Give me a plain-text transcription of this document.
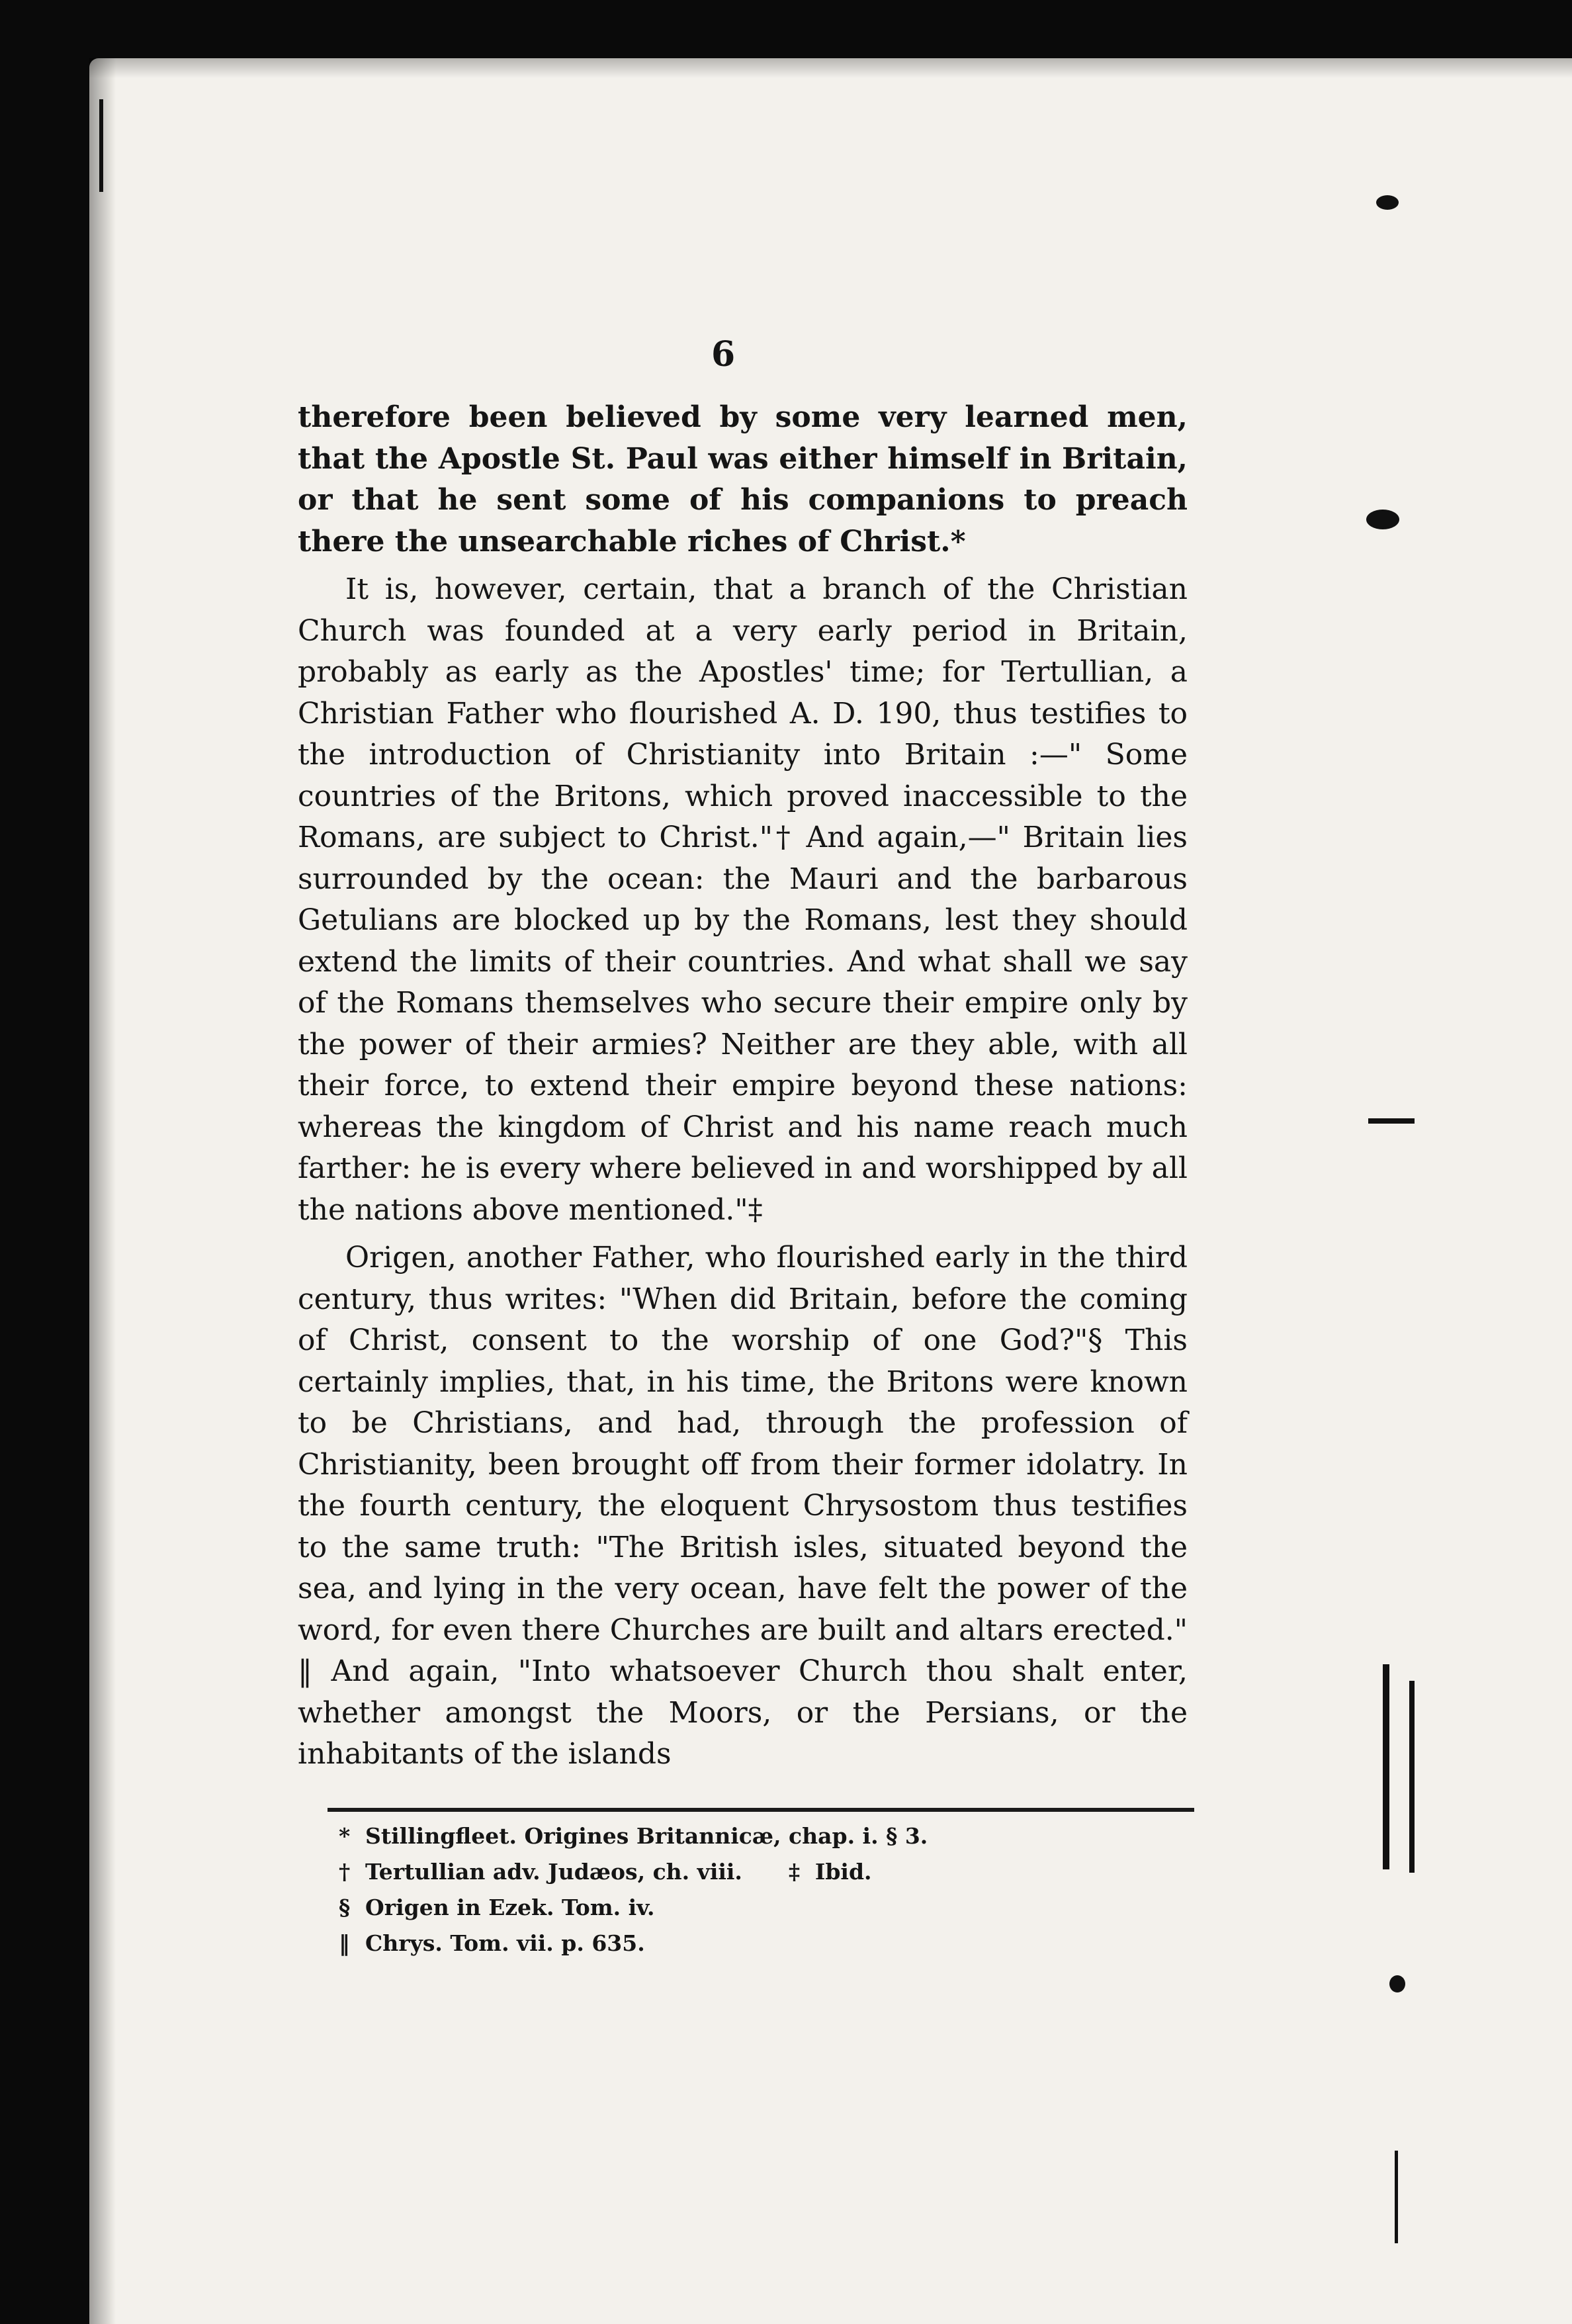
6

therefore been believed by some very learned men, that the Apostle St. Paul was either himself in Britain, or that he sent some of his companions to preach there the unsearchable riches of Christ.*

It is, however, certain, that a branch of the Christian Church was founded at a very early period in Britain, probably as early as the Apostles' time; for Tertullian, a Christian Father who flourished A. D. 190, thus testifies to the introduction of Christianity into Britain :—" Some countries of the Britons, which proved inaccessible to the Romans, are subject to Christ."† And again,—" Britain lies surrounded by the ocean: the Mauri and the barbarous Getulians are blocked up by the Romans, lest they should extend the limits of their countries. And what shall we say of the Romans themselves who secure their empire only by the power of their armies? Neither are they able, with all their force, to extend their empire beyond these nations: whereas the kingdom of Christ and his name reach much farther: he is every where believed in and worshipped by all the nations above mentioned."‡

Origen, another Father, who flourished early in the third century, thus writes: "When did Britain, before the coming of Christ, consent to the worship of one God?"§ This certainly implies, that, in his time, the Britons were known to be Christians, and had, through the profession of Christianity, been brought off from their former idolatry. In the fourth century, the eloquent Chrysostom thus testifies to the same truth: "The British isles, situated beyond the sea, and lying in the very ocean, have felt the power of the word, for even there Churches are built and altars erected." ‖ And again, "Into whatsoever Church thou shalt enter, whether amongst the Moors, or the Persians, or the inhabitants of the islands

* Stillingfleet. Origines Britannicæ, chap. i. § 3.
† Tertullian adv. Judæos, ch. viii. ‡ Ibid.
§ Origen in Ezek. Tom. iv.
‖ Chrys. Tom. vii. p. 635.
